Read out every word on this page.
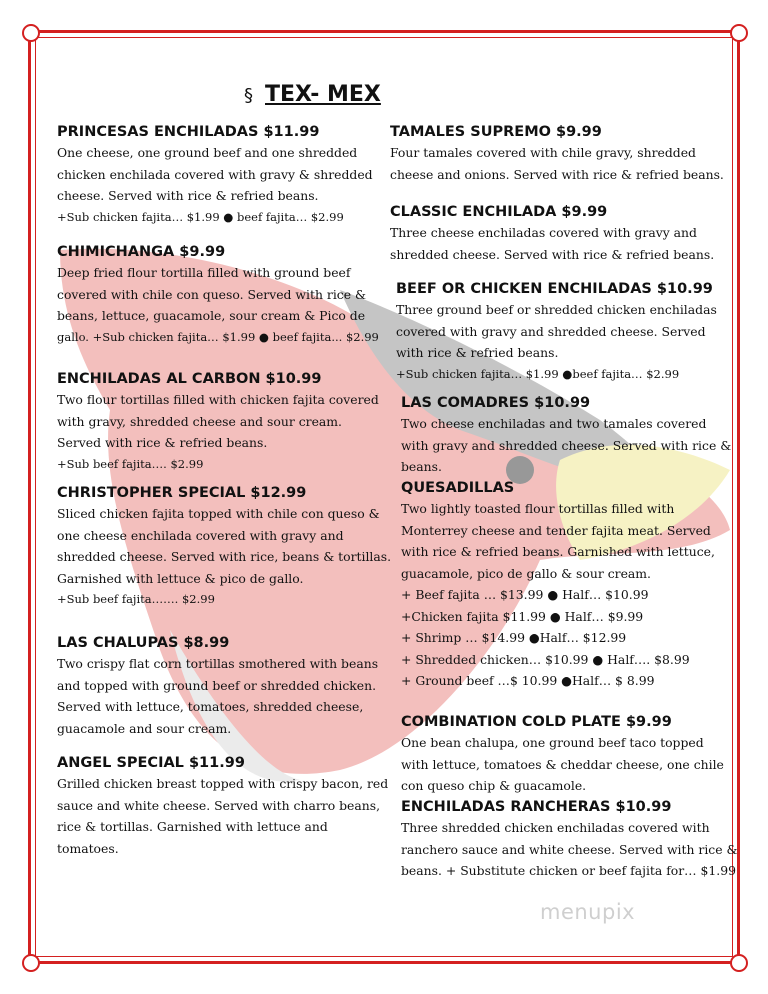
§ TEX- MEX
PRINCESAS ENCHILADAS $11.99

One cheese, one ground beef and one shredded

chicken enchilada covered with gravy & shredded

cheese. Served with rice & refried beans.

+Sub chicken fajita… $1.99 ● beef fajita… $2.99

CHIMICHANGA $9.99

Deep fried flour tortilla filled with ground beef

covered with chile con queso. Served with rice &

beans, lettuce, guacamole, sour cream & Pico de

gallo. +Sub chicken fajita… $1.99 ● beef fajita... $2.99

ENCHILADAS AL CARBON $10.99

Two flour tortillas filled with chicken fajita covered

with gravy, shredded cheese and sour cream.

Served with rice & refried beans.

+Sub beef fajita…. $2.99

CHRISTOPHER SPECIAL $12.99

Sliced chicken fajita topped with chile con queso &

one cheese enchilada covered with gravy and

shredded cheese. Served with rice, beans & tortillas.

Garnished with lettuce & pico de gallo.

+Sub beef fajita……. $2.99

LAS CHALUPAS $8.99

Two crispy flat corn tortillas smothered with beans

and topped with ground beef or shredded chicken.

Served with lettuce, tomatoes, shredded cheese,

guacamole and sour cream.

ANGEL SPECIAL $11.99

Grilled chicken breast topped with crispy bacon, red

sauce and white cheese. Served with charro beans,

rice & tortillas. Garnished with lettuce and

tomatoes.

TAMALES SUPREMO $9.99

Four tamales covered with chile gravy, shredded

cheese and onions. Served with rice & refried beans.

CLASSIC ENCHILADA $9.99

Three cheese enchiladas covered with gravy and

shredded cheese. Served with rice & refried beans.

BEEF OR CHICKEN ENCHILADAS $10.99

Three ground beef or shredded chicken enchiladas

covered with gravy and shredded cheese. Served

with rice & refried beans.

+Sub chicken fajita… $1.99 ●beef fajita… $2.99

LAS COMADRES $10.99

Two cheese enchiladas and two tamales covered

with gravy and shredded cheese. Served with rice &

beans.

QUESADILLAS

Two lightly toasted flour tortillas filled with

Monterrey cheese and tender fajita meat. Served

with rice & refried beans. Garnished with lettuce,

guacamole, pico de gallo & sour cream.

+ Beef fajita … $13.99 ● Half… $10.99

+Chicken fajita $11.99 ● Half… $9.99

+ Shrimp … $14.99 ●Half… $12.99

+ Shredded chicken… $10.99 ● Half…. $8.99

+ Ground beef …$ 10.99 ●Half… $ 8.99

COMBINATION COLD PLATE $9.99

One bean chalupa, one ground beef taco topped

with lettuce, tomatoes & cheddar cheese, one chile

con queso chip & guacamole.

ENCHILADAS RANCHERAS $10.99

Three shredded chicken enchiladas covered with

ranchero sauce and white cheese. Served with rice &

beans. + Substitute chicken or beef fajita for… $1.99

menupix
